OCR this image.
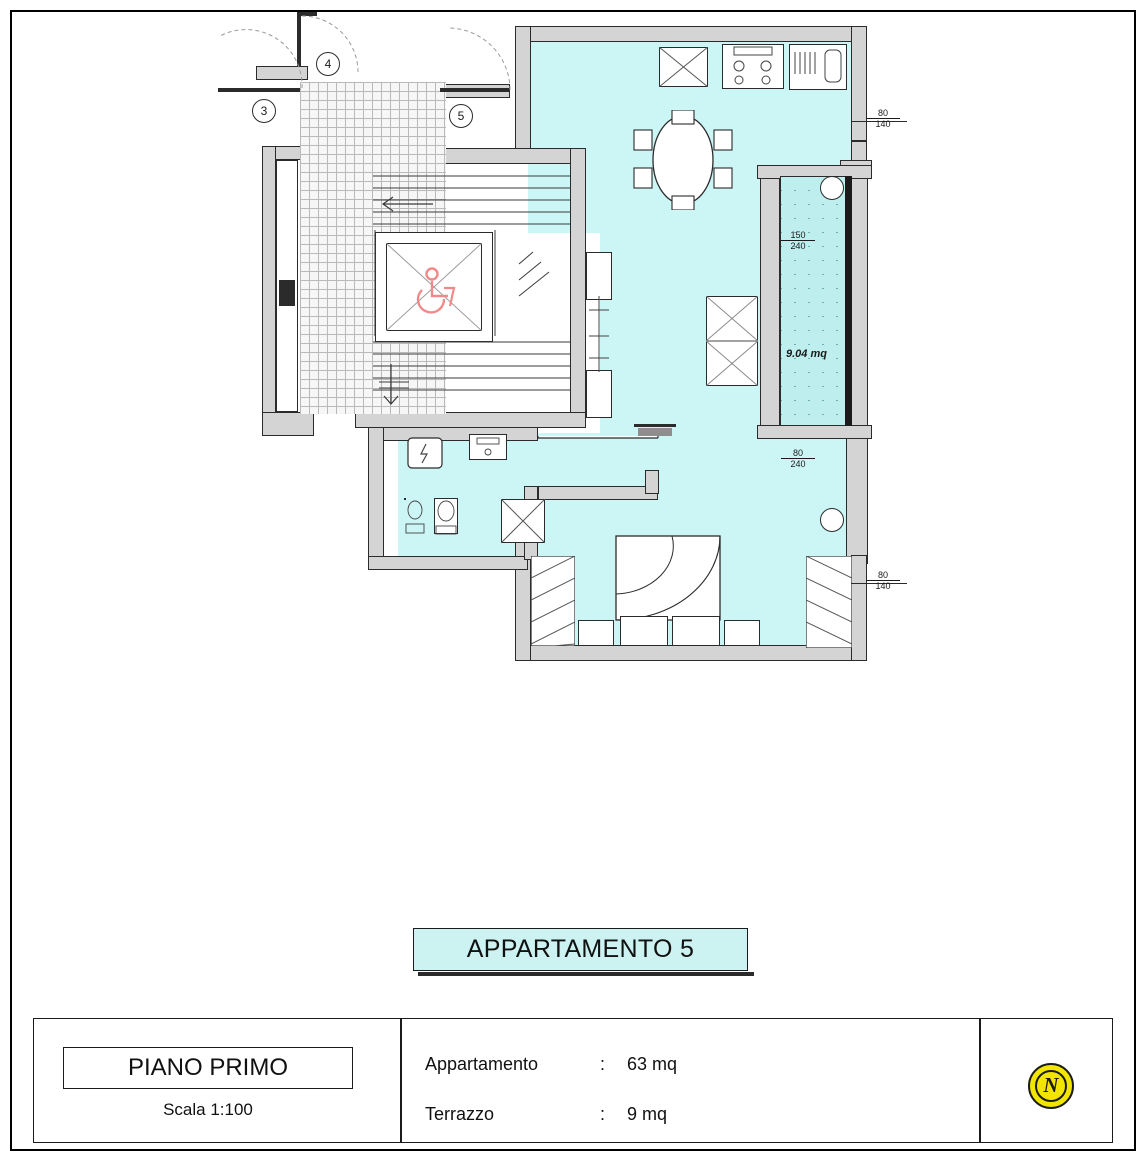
9.04 mq
4
3	5	80
140
150
240
80
240
80
140
APPARTAMENTO 5
PIANO PRIMO
Scala 1:100
Appartamento	: 63 mq
Terrazzo	: 9 mq
N
